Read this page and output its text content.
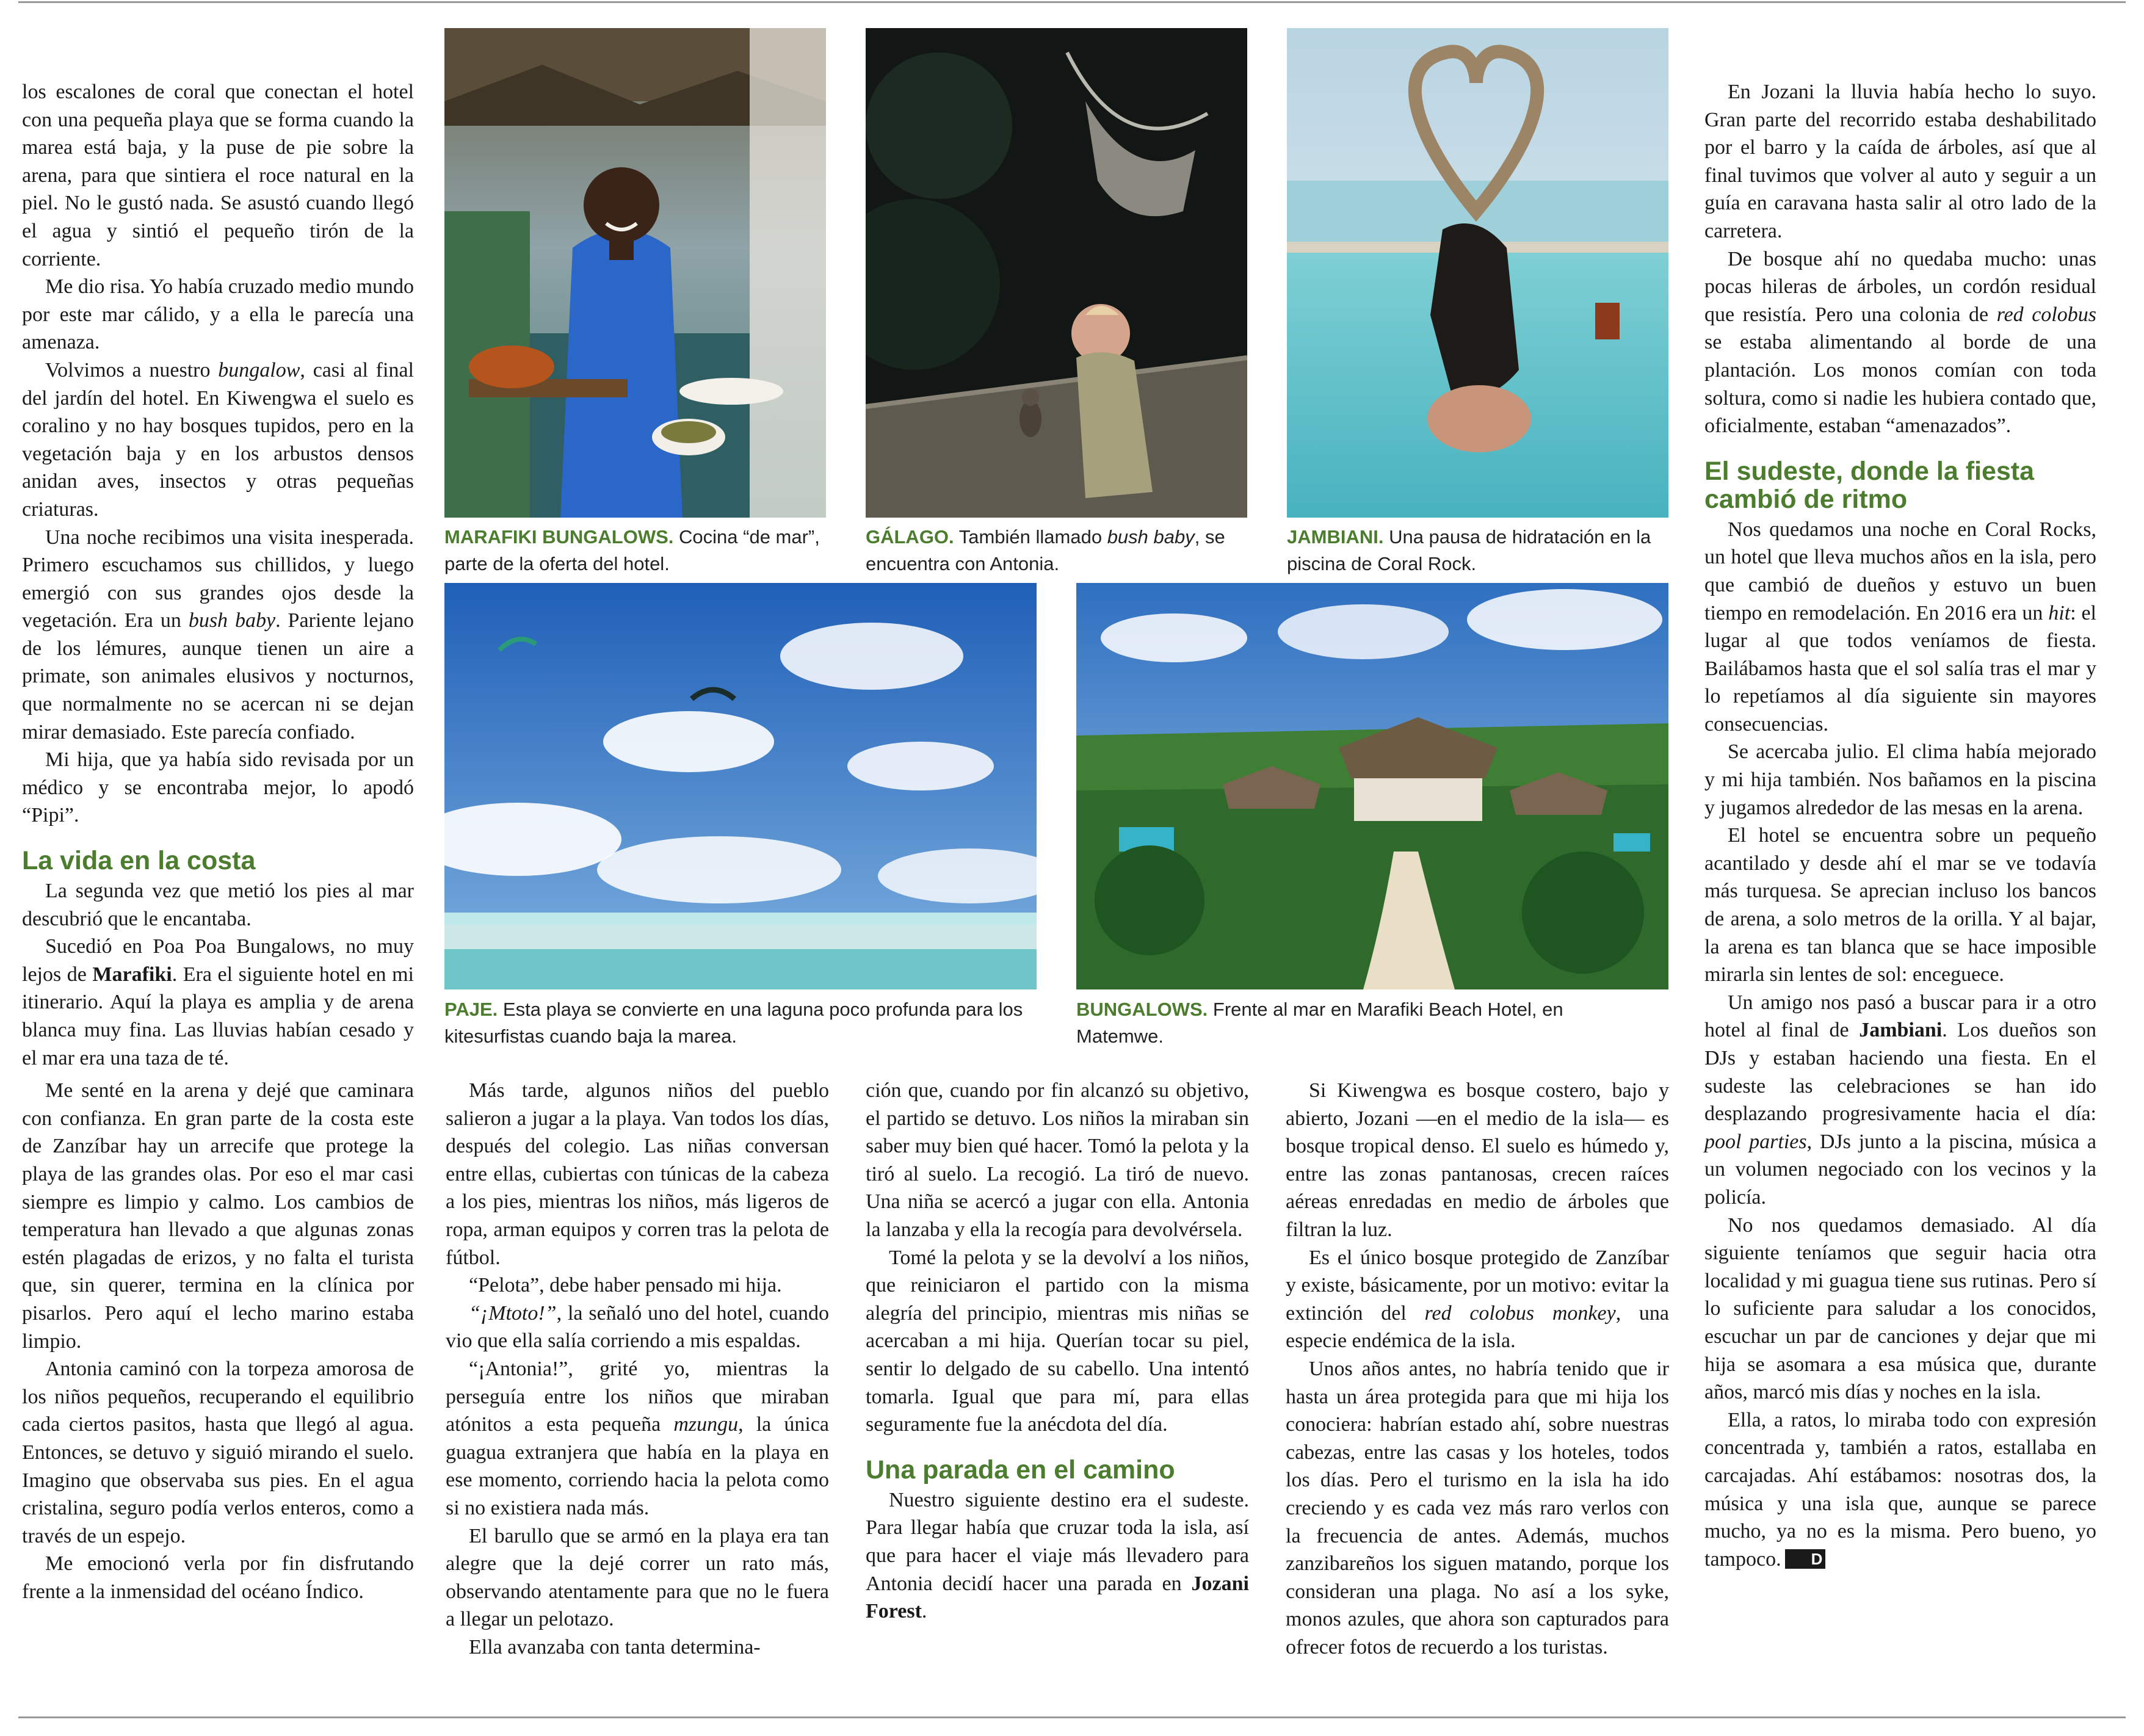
los escalones de coral que conectan el hotel con una pequeña playa que se forma cuando la marea está baja, y la puse de pie sobre la arena, para que sintiera el roce natural en la piel. No le gustó nada. Se asustó cuando llegó el agua y sintió el pequeño tirón de la corriente.

Me dio risa. Yo había cruzado medio mundo por este mar cálido, y a ella le parecía una amenaza.

Volvimos a nuestro bungalow, casi al final del jardín del hotel. En Kiwengwa el suelo es coralino y no hay bosques tupidos, pero en la vegetación baja y en los arbustos densos anidan aves, insectos y otras pequeñas criaturas.

Una noche recibimos una visita inesperada. Primero escuchamos sus chillidos, y luego emergió con sus grandes ojos desde la vegetación. Era un bush baby. Pariente lejano de los lémures, aunque tienen un aire a primate, son animales elusivos y nocturnos, que normalmente no se acercan ni se dejan mirar demasiado. Este parecía confiado.

Mi hija, que ya había sido revisada por un médico y se encontraba mejor, lo apodó “Pipi”.

La vida en la costa

La segunda vez que metió los pies al mar descubrió que le encantaba.

Sucedió en Poa Poa Bungalows, no muy lejos de Marafiki. Era el siguiente hotel en mi itinerario. Aquí la playa es amplia y de arena blanca muy fina. Las lluvias habían cesado y el mar era una taza de té.

Me senté en la arena y dejé que caminara con confianza. En gran parte de la costa este de Zanzíbar hay un arrecife que protege la playa de las grandes olas. Por eso el mar casi siempre es limpio y calmo. Los cambios de temperatura han llevado a que algunas zonas estén plagadas de erizos, y no falta el turista que, sin querer, termina en la clínica por pisarlos. Pero aquí el lecho marino estaba limpio.

Antonia caminó con la torpeza amorosa de los niños pequeños, recuperando el equilibrio cada ciertos pasitos, hasta que llegó al agua. Entonces, se detuvo y siguió mirando el suelo. Imagino que observaba sus pies. En el agua cristalina, seguro podía verlos enteros, como a través de un espejo.

Me emocionó verla por fin disfrutando frente a la inmensidad del océano Índico.

MARAFIKI BUNGALOWS. Cocina “de mar”, parte de la oferta del hotel.
GÁLAGO. También llamado bush baby, se encuentra con Antonia.
JAMBIANI. Una pausa de hidratación en la piscina de Coral Rock.
PAJE. Esta playa se convierte en una laguna poco profunda para los kitesurfistas cuando baja la marea.
BUNGALOWS. Frente al mar en Marafiki Beach Hotel, en Matemwe.

Más tarde, algunos niños del pueblo salieron a jugar a la playa. Van todos los días, después del colegio. Las niñas conversan entre ellas, cubiertas con túnicas de la cabeza a los pies, mientras los niños, más ligeros de ropa, arman equipos y corren tras la pelota de fútbol.

“Pelota”, debe haber pensado mi hija.

“¡Mtoto!”, la señaló uno del hotel, cuando vio que ella salía corriendo a mis espaldas.

“¡Antonia!”, grité yo, mientras la perseguía entre los niños que miraban atónitos a esta pequeña mzungu, la única guagua extranjera que había en la playa en ese momento, corriendo hacia la pelota como si no existiera nada más.

El barullo que se armó en la playa era tan alegre que la dejé correr un rato más, observando atentamente para que no le fuera a llegar un pelotazo.

Ella avanzaba con tanta determina-

ción que, cuando por fin alcanzó su objetivo, el partido se detuvo. Los niños la miraban sin saber muy bien qué hacer. Tomó la pelota y la tiró al suelo. La recogió. La tiró de nuevo. Una niña se acercó a jugar con ella. Antonia la lanzaba y ella la recogía para devolvérsela.

Tomé la pelota y se la devolví a los niños, que reiniciaron el partido con la misma alegría del principio, mientras mis niñas se acercaban a mi hija. Querían tocar su piel, sentir lo delgado de su cabello. Una intentó tomarla. Igual que para mí, para ellas seguramente fue la anécdota del día.

Una parada en el camino

Nuestro siguiente destino era el sudeste. Para llegar había que cruzar toda la isla, así que para hacer el viaje más llevadero para Antonia decidí hacer una parada en Jozani Forest.

Si Kiwengwa es bosque costero, bajo y abierto, Jozani —en el medio de la isla— es bosque tropical denso. El suelo es húmedo y, entre las zonas pantanosas, crecen raíces aéreas enredadas en medio de árboles que filtran la luz.

Es el único bosque protegido de Zanzíbar y existe, básicamente, por un motivo: evitar la extinción del red colobus monkey, una especie endémica de la isla.

Unos años antes, no habría tenido que ir hasta un área protegida para que mi hija los conociera: habrían estado ahí, sobre nuestras cabezas, entre las casas y los hoteles, todos los días. Pero el turismo en la isla ha ido creciendo y es cada vez más raro verlos con la frecuencia de antes. Además, muchos zanzibareños los siguen matando, porque los consideran una plaga. No así a los syke, monos azules, que ahora son capturados para ofrecer fotos de recuerdo a los turistas.

En Jozani la lluvia había hecho lo suyo. Gran parte del recorrido estaba deshabilitado por el barro y la caída de árboles, así que al final tuvimos que volver al auto y seguir a un guía en caravana hasta salir al otro lado de la carretera.

De bosque ahí no quedaba mucho: unas pocas hileras de árboles, un cordón residual que resistía. Pero una colonia de red colobus se estaba alimentando al borde de una plantación. Los monos comían con toda soltura, como si nadie les hubiera contado que, oficialmente, estaban “amenazados”.

El sudeste, donde la fiesta cambió de ritmo

Nos quedamos una noche en Coral Rocks, un hotel que lleva muchos años en la isla, pero que cambió de dueños y estuvo un buen tiempo en remodelación. En 2016 era un hit: el lugar al que todos veníamos de fiesta. Bailábamos hasta que el sol salía tras el mar y lo repetíamos al día siguiente sin mayores consecuencias.

Se acercaba julio. El clima había mejorado y mi hija también. Nos bañamos en la piscina y jugamos alrededor de las mesas en la arena.

El hotel se encuentra sobre un pequeño acantilado y desde ahí el mar se ve todavía más turquesa. Se aprecian incluso los bancos de arena, a solo metros de la orilla. Y al bajar, la arena es tan blanca que se hace imposible mirarla sin lentes de sol: enceguece.

Un amigo nos pasó a buscar para ir a otro hotel al final de Jambiani. Los dueños son DJs y estaban haciendo una fiesta. En el sudeste las celebraciones se han ido desplazando progresivamente hacia el día: pool parties, DJs junto a la piscina, música a un volumen negociado con los vecinos y la policía.

No nos quedamos demasiado. Al día siguiente teníamos que seguir hacia otra localidad y mi guagua tiene sus rutinas. Pero sí lo suficiente para saludar a los conocidos, escuchar un par de canciones y dejar que mi hija se asomara a esa música que, durante años, marcó mis días y noches en la isla.

Ella, a ratos, lo miraba todo con expresión concentrada y, también a ratos, estallaba en carcajadas. Ahí estábamos: nosotras dos, la música y una isla que, aunque se parece mucho, ya no es la misma. Pero bueno, yo tampoco. D
